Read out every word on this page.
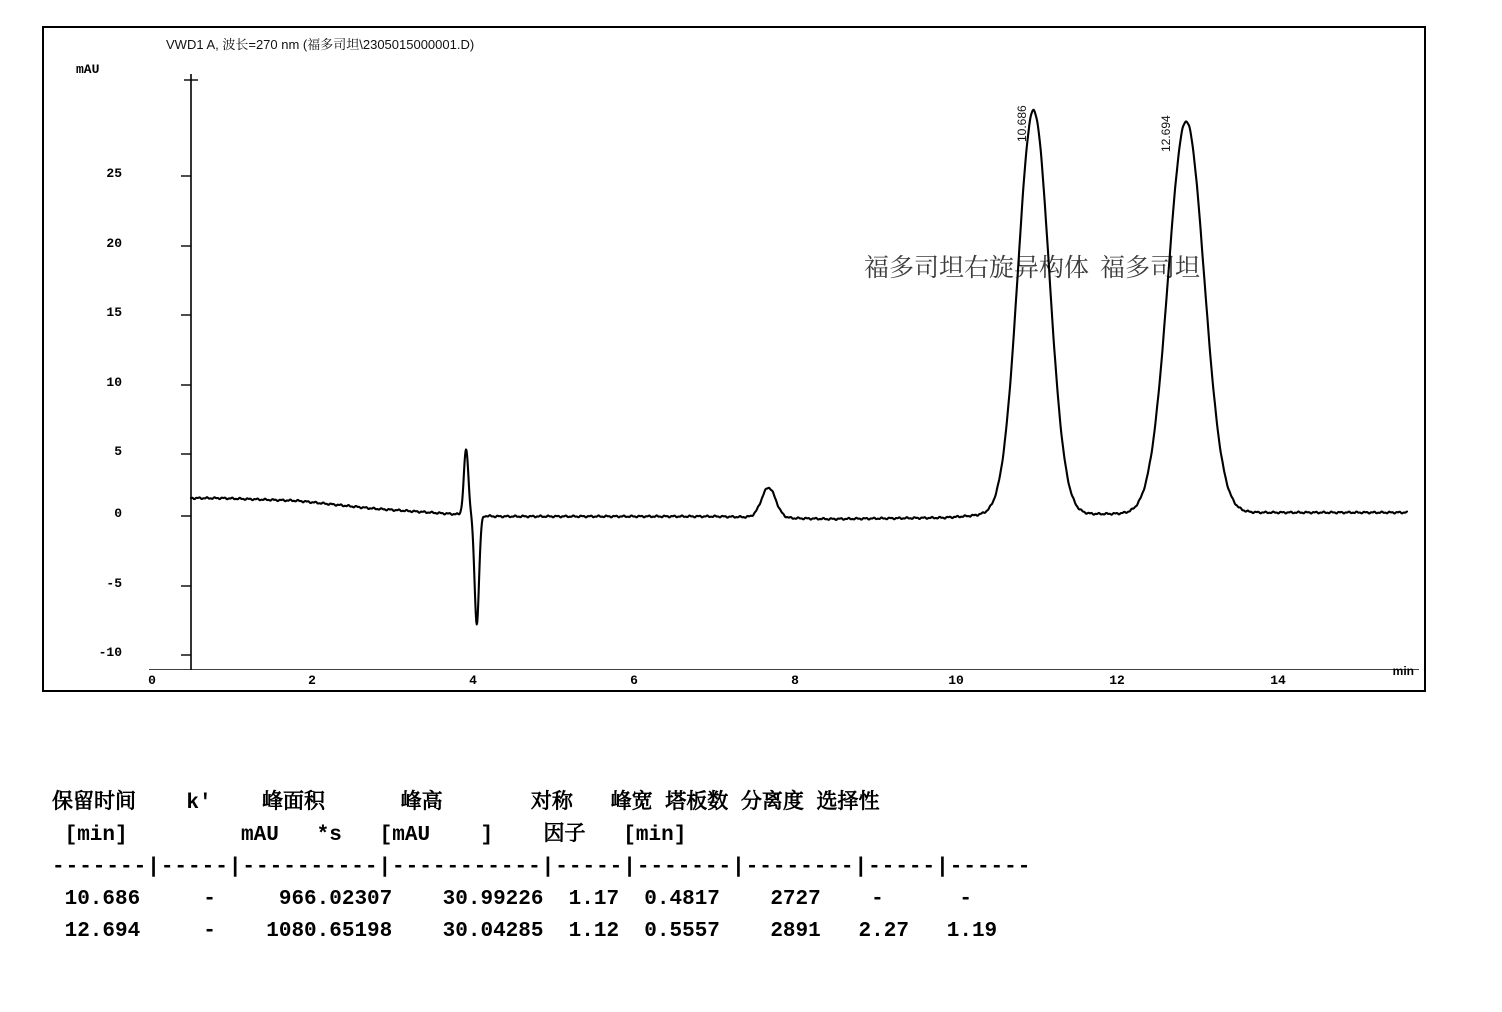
VWD1 A, 波长=270 nm (福多司坦\2305015000001.D)
mAU
25
20
15
10
5
0
-5
-10
0	2	4	6	8	10	12	14
min
10.686	12.694
福多司坦右旋异构体 福多司坦

保留时间    k'    峰面积      峰高       对称   峰宽 塔板数 分离度 选择性
[min]         mAU   *s   [mAU    ]    因子   [min]
-------|-----|----------|-----------|-----|-------|--------|-----|------
10.686     -     966.02307    30.99226  1.17  0.4817    2727    -      -
12.694     -    1080.65198    30.04285  1.12  0.5557    2891   2.27   1.19
